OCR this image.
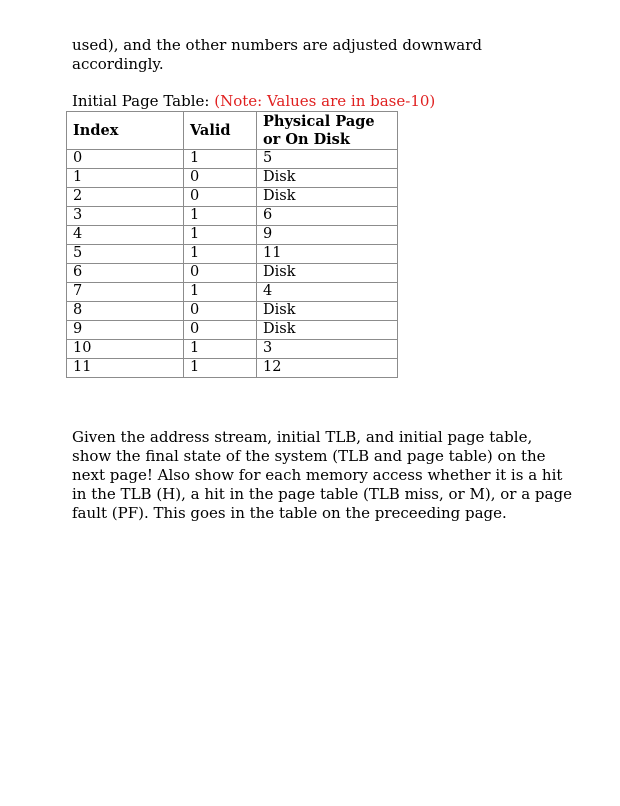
used), and the other numbers are adjusted downward accordingly.

Initial Page Table: (Note: Values are in base-10)
Index	Valid	Physical Page or On Disk
0	1	5
1	0	Disk
2	0	Disk
3	1	6
4	1	9
5	1	11
6	0	Disk
7	1	4
8	0	Disk
9	0	Disk
10	1	3
11	1	12

Given the address stream, initial TLB, and initial page table, show the final state of the system (TLB and page table) on the next page! Also show for each memory access whether it is a hit in the TLB (H), a hit in the page table (TLB miss, or M), or a page fault (PF). This goes in the table on the preceeding page.
